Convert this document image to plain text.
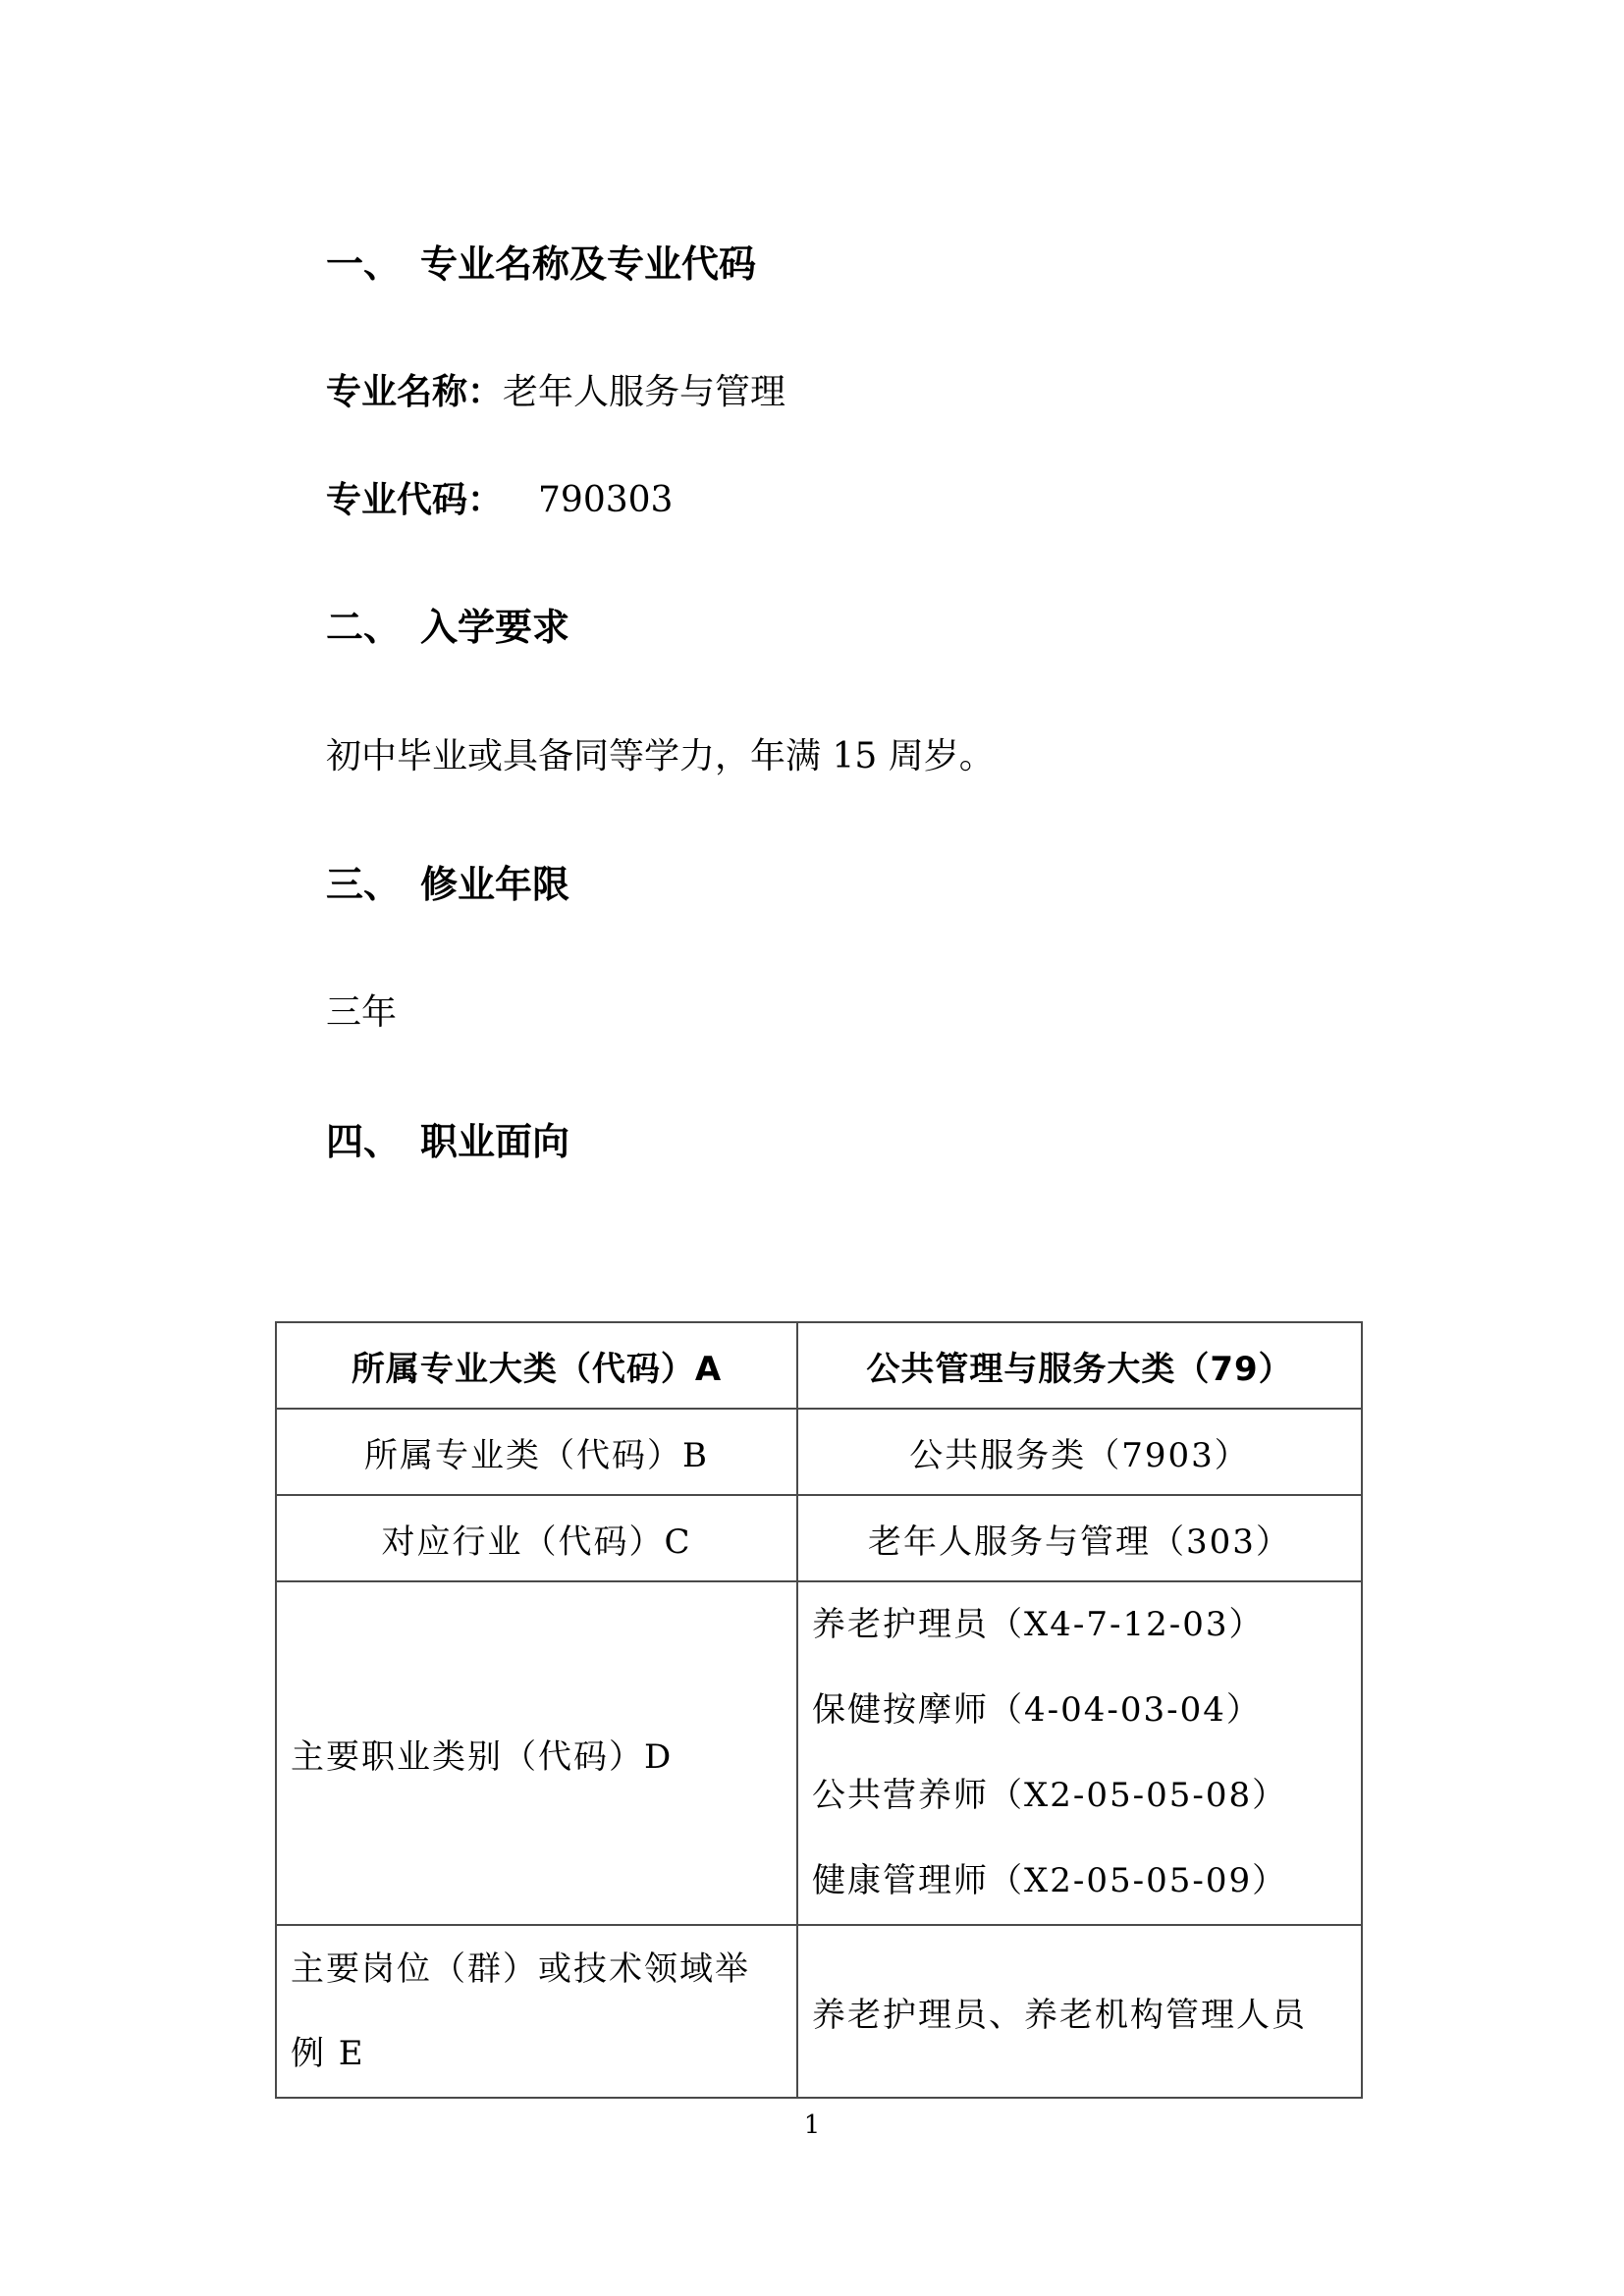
一、 专业名称及专业代码
专业名称：老年人服务与管理
专业代码： 790303
二、 入学要求
初中毕业或具备同等学力，年满 15 周岁。
三、 修业年限
三年
四、 职业面向
所属专业大类（代码）A	公共管理与服务大类（79）
所属专业类（代码）B	公共服务类（7903）
对应行业（代码）C	老年人服务与管理（303）
主要职业类别（代码）D	养老护理员（X4-7-12-03）
保健按摩师（4-04-03-04）
公共营养师（X2-05-05-08）
健康管理师（X2-05-05-09）

主要岗位（群）或技术领域举例 E	养老护理员、养老机构管理人员
1
